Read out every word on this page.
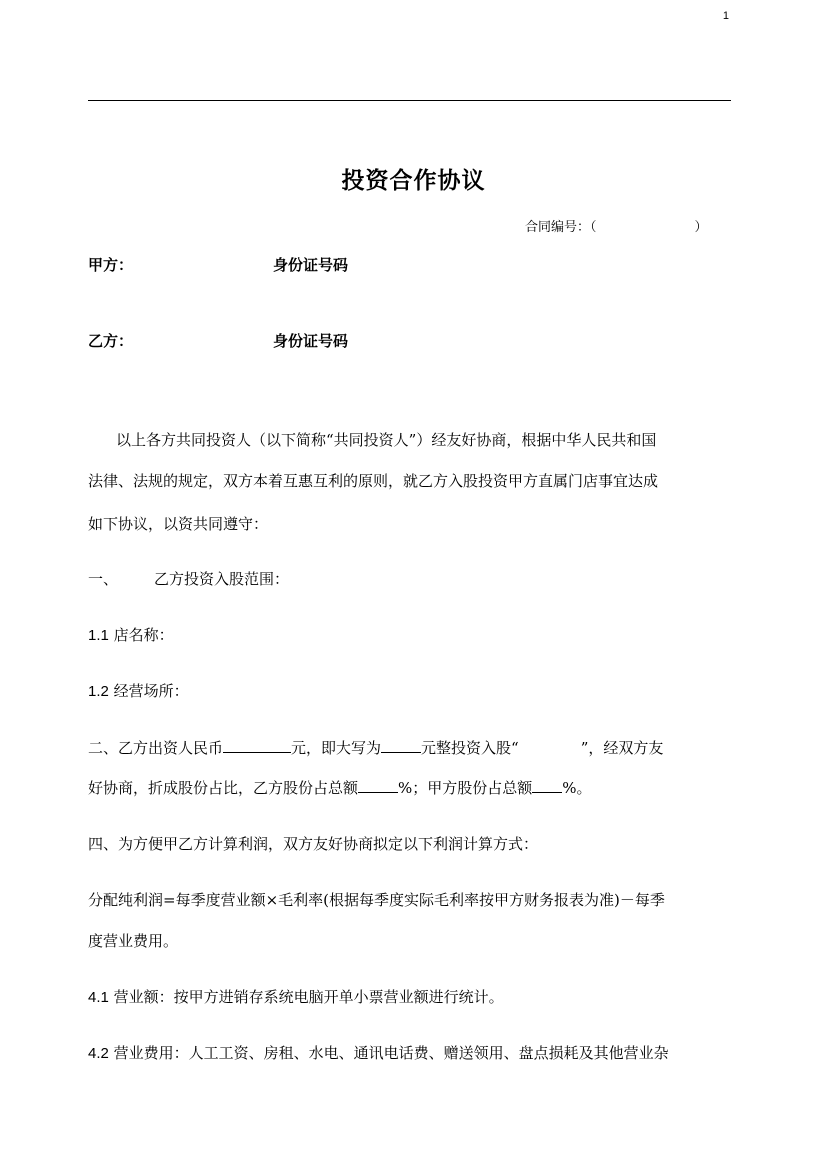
1
投资合作协议
合同编号：（	）
甲方：	身份证号码
乙方：	身份证号码
以上各方共同投资人（以下简称“共同投资人”）经友好协商，根据中华人民共和国
法律、法规的规定，双方本着互惠互利的原则，就乙方入股投资甲方直属门店事宜达成
如下协议，以资共同遵守：
一、 乙方投资入股范围：
1.1 店名称：
1.2 经营场所：
二、乙方出资人民币	元，即大写为	元整投资入股“	”，经双方友
好协商，折成股份占比，乙方股份占总额	%；甲方股份占总额 %。
四、为方便甲乙方计算利润，双方友好协商拟定以下利润计算方式：
分配纯利润=每季度营业额×毛利率(根据每季度实际毛利率按甲方财务报表为准)－每季
度营业费用。
4.1 营业额：按甲方进销存系统电脑开单小票营业额进行统计。
4.2 营业费用：人工工资、房租、水电、通讯电话费、赠送领用、盘点损耗及其他营业杂
